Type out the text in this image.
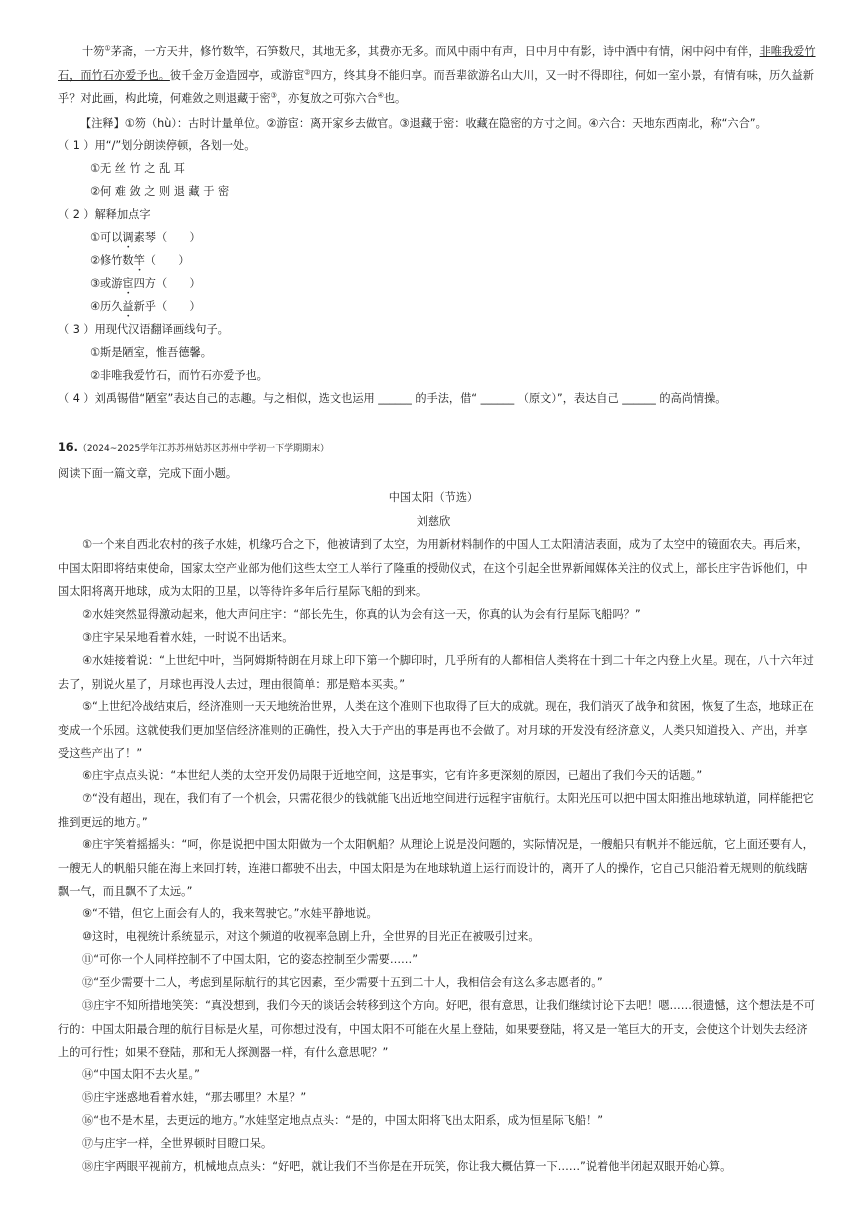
十笏①茅斋，一方天井，修竹数竿，石笋数尺，其地无多，其费亦无多。而风中雨中有声，日中月中有影，诗中酒中有情，闲中闷中有伴，非唯我爱竹石，而竹石亦爱予也。彼千金万金造园亭，或游宦②四方，终其身不能归享。而吾辈欲游名山大川，又一时不得即往，何如一室小景，有情有味，历久益新乎？对此画，构此境，何难敛之则退藏于密③，亦复放之可弥六合④也。
【注释】①笏（hù）：古时计量单位。②游宦：离开家乡去做官。③退藏于密：收藏在隐密的方寸之间。④六合：天地东西南北，称“六合”。
（ 1 ）用“/”划分朗读停顿，各划一处。
①无 丝 竹 之 乱 耳
②何 难 敛 之 则 退 藏 于 密
（ 2 ）解释加点字
①可以调素琴（　　）
②修竹数竿（　　）
③或游宦四方（　　）
④历久益新乎（　　）
（ 3 ）用现代汉语翻译画线句子。
①斯是陋室，惟吾德馨。
②非唯我爱竹石，而竹石亦爱予也。
（ 4 ）刘禹锡借“陋室”表达自己的志趣。与之相似，选文也运用 ______ 的手法，借“ ______ （原文）”，表达自己 ______ 的高尚情操。
16.（2024~2025学年江苏苏州姑苏区苏州中学初一下学期期末）
阅读下面一篇文章，完成下面小题。
中国太阳（节选）
刘慈欣
①一个来自西北农村的孩子水娃，机缘巧合之下，他被请到了太空，为用新材料制作的中国人工太阳清洁表面，成为了太空中的镜面农夫。再后来，中国太阳即将结束使命，国家太空产业部为他们这些太空工人举行了隆重的授勋仪式，在这个引起全世界新闻媒体关注的仪式上，部长庄宇告诉他们，中国太阳将离开地球，成为太阳的卫星，以等待许多年后行星际飞船的到来。
②水娃突然显得激动起来，他大声问庄宇：“部长先生，你真的认为会有这一天，你真的认为会有行星际飞船吗？”
③庄宇呆呆地看着水娃，一时说不出话来。
④水娃接着说：“上世纪中叶，当阿姆斯特朗在月球上印下第一个脚印时，几乎所有的人都相信人类将在十到二十年之内登上火星。现在，八十六年过去了，别说火星了，月球也再没人去过，理由很简单：那是赔本买卖。”
⑤“上世纪冷战结束后，经济准则一天天地统治世界，人类在这个准则下也取得了巨大的成就。现在，我们消灭了战争和贫困，恢复了生态，地球正在变成一个乐园。这就使我们更加坚信经济准则的正确性，投入大于产出的事是再也不会做了。对月球的开发没有经济意义，人类只知道投入、产出，并享受这些产出了！”
⑥庄宇点点头说：“本世纪人类的太空开发仍局限于近地空间，这是事实，它有许多更深刻的原因，已超出了我们今天的话题。”
⑦“没有超出，现在，我们有了一个机会，只需花很少的钱就能飞出近地空间进行远程宇宙航行。太阳光压可以把中国太阳推出地球轨道，同样能把它推到更远的地方。”
⑧庄宇笑着摇摇头：“呵，你是说把中国太阳做为一个太阳帆船？从理论上说是没问题的，实际情况是，一艘船只有帆并不能远航，它上面还要有人，一艘无人的帆船只能在海上来回打转，连港口都驶不出去，中国太阳是为在地球轨道上运行而设计的，离开了人的操作，它自己只能沿着无规则的航线瞎飘一气，而且飘不了太远。”
⑨“不错，但它上面会有人的，我来驾驶它。”水娃平静地说。
⑩这时，电视统计系统显示，对这个频道的收视率急剧上升，全世界的目光正在被吸引过来。
⑪“可你一个人同样控制不了中国太阳，它的姿态控制至少需要……”
⑫“至少需要十二人，考虑到星际航行的其它因素，至少需要十五到二十人，我相信会有这么多志愿者的。”
⑬庄宇不知所措地笑笑：“真没想到，我们今天的谈话会转移到这个方向。好吧，很有意思，让我们继续讨论下去吧！嗯……很遗憾，这个想法是不可行的：中国太阳最合理的航行目标是火星，可你想过没有，中国太阳不可能在火星上登陆，如果要登陆，将又是一笔巨大的开支，会使这个计划失去经济上的可行性；如果不登陆，那和无人探测器一样，有什么意思呢？”
⑭“中国太阳不去火星。”
⑮庄宇迷惑地看着水娃，“那去哪里？木星？”
⑯“也不是木星，去更远的地方。”水娃坚定地点点头：“是的，中国太阳将飞出太阳系，成为恒星际飞船！”
⑰与庄宇一样，全世界顿时目瞪口呆。
⑱庄宇两眼平视前方，机械地点点头：“好吧，就让我们不当你是在开玩笑，你让我大概估算一下……”说着他半闭起双眼开始心算。
